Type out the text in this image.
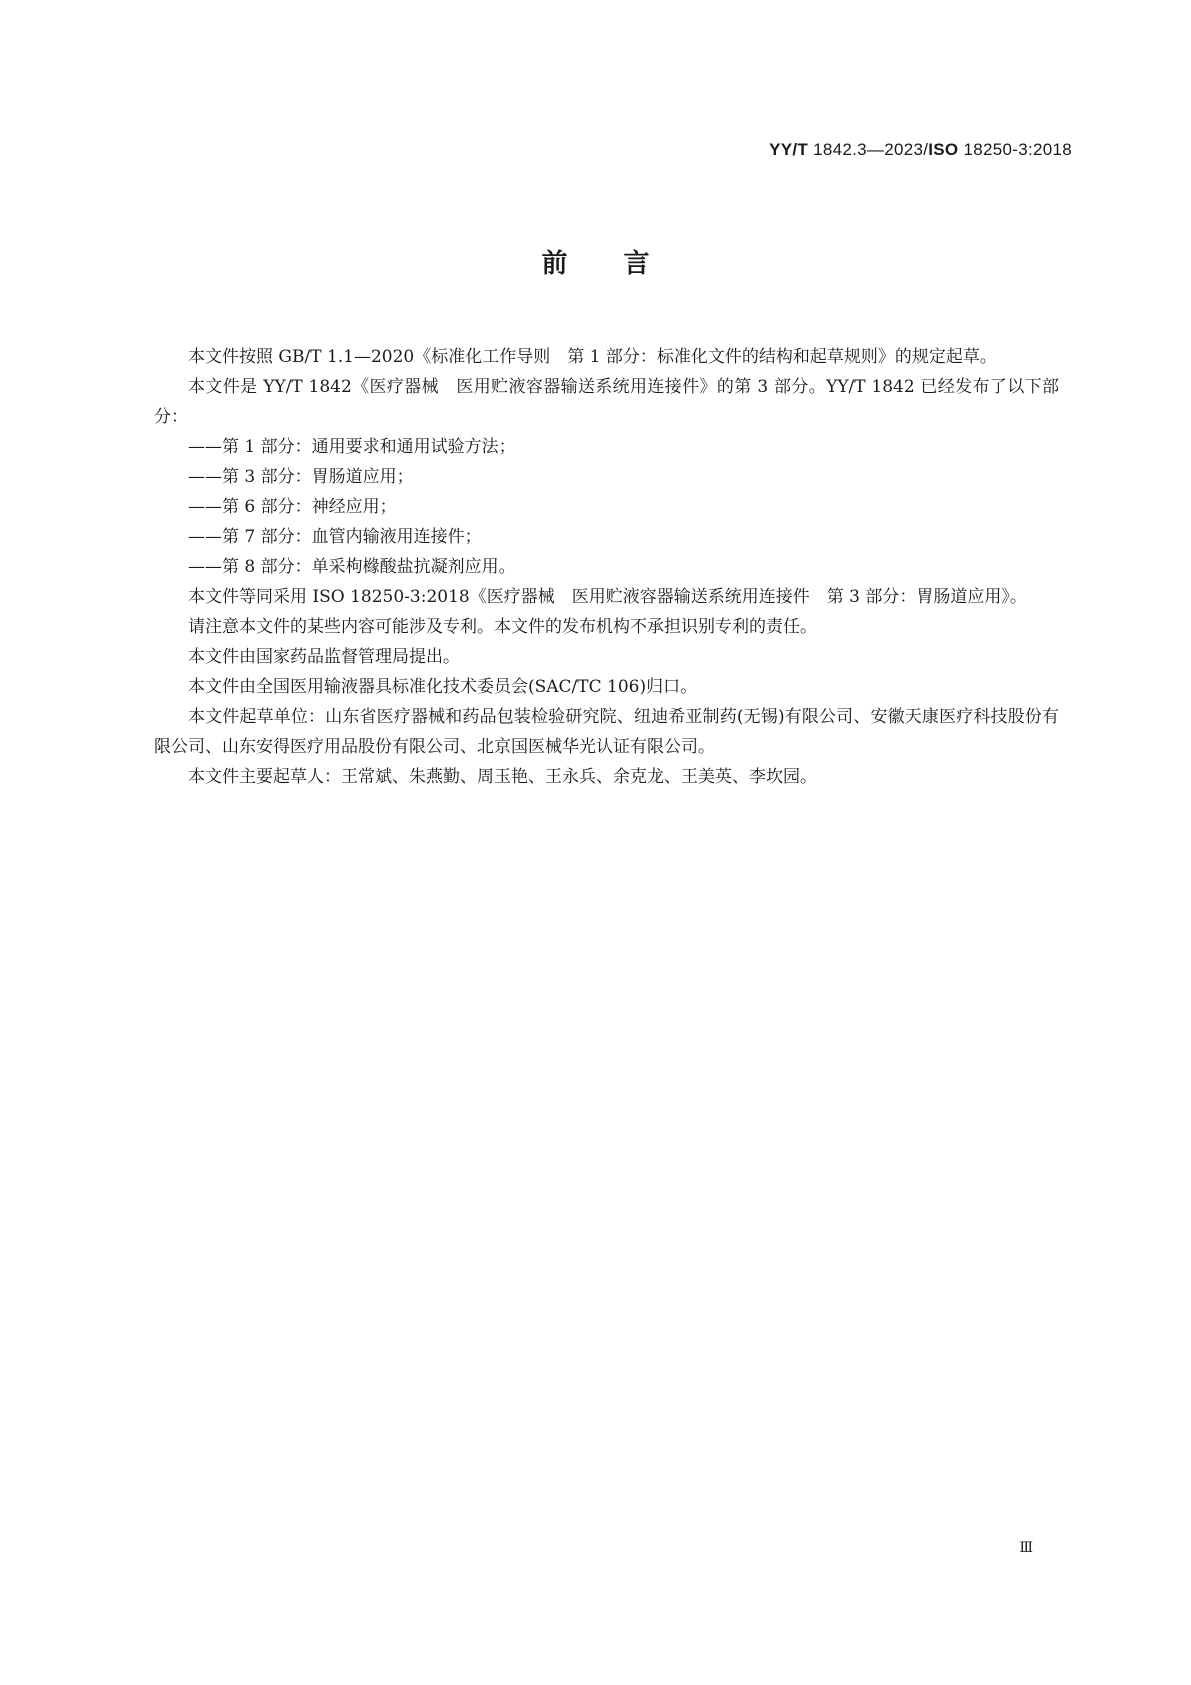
YY/T 1842.3—2023/ISO 18250-3:2018
前言

本文件按照 GB/T 1.1—2020《标准化工作导则　第 1 部分：标准化文件的结构和起草规则》的规定起草。

本文件是 YY/T 1842《医疗器械　医用贮液容器输送系统用连接件》的第 3 部分。YY/T 1842 已经发布了以下部分：

——第 1 部分：通用要求和通用试验方法；

——第 3 部分：胃肠道应用；

——第 6 部分：神经应用；

——第 7 部分：血管内输液用连接件；

——第 8 部分：单采枸橼酸盐抗凝剂应用。

本文件等同采用 ISO 18250-3:2018《医疗器械　医用贮液容器输送系统用连接件　第 3 部分：胃肠道应用》。

请注意本文件的某些内容可能涉及专利。本文件的发布机构不承担识别专利的责任。

本文件由国家药品监督管理局提出。

本文件由全国医用输液器具标准化技术委员会(SAC/TC 106)归口。

本文件起草单位：山东省医疗器械和药品包装检验研究院、纽迪希亚制药(无锡)有限公司、安徽天康医疗科技股份有限公司、山东安得医疗用品股份有限公司、北京国医械华光认证有限公司。

本文件主要起草人：王常斌、朱燕勤、周玉艳、王永兵、余克龙、王美英、李坎园。

Ⅲ
